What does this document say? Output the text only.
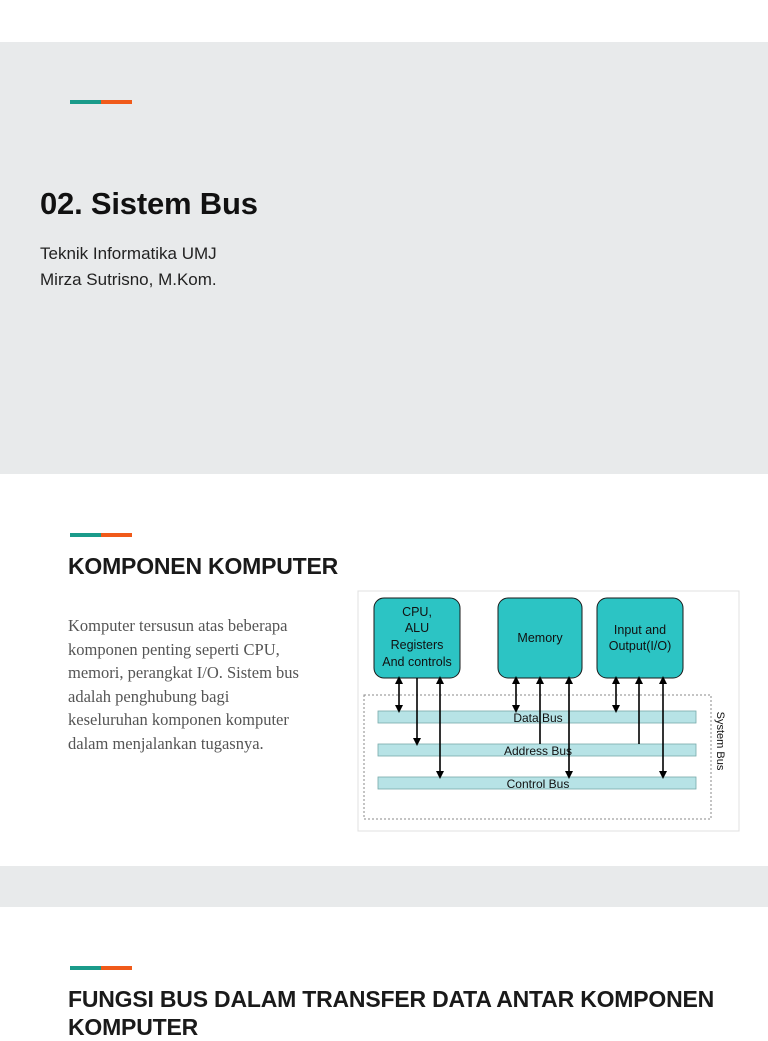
02. Sistem Bus
Teknik Informatika UMJ
Mirza Sutrisno, M.Kom.
KOMPONEN KOMPUTER
Komputer tersusun atas beberapa
komponen penting seperti CPU,
memori, perangkat I/O. Sistem bus
adalah penghubung bagi
keseluruhan komponen komputer
dalam menjalankan tugasnya.
CPU,
ALU
Registers
And controls
Memory
Input and
Output(I/O)
Data Bus
Address Bus
Control Bus
System Bus
FUNGSI BUS DALAM TRANSFER DATA ANTAR KOMPONEN KOMPUTER
